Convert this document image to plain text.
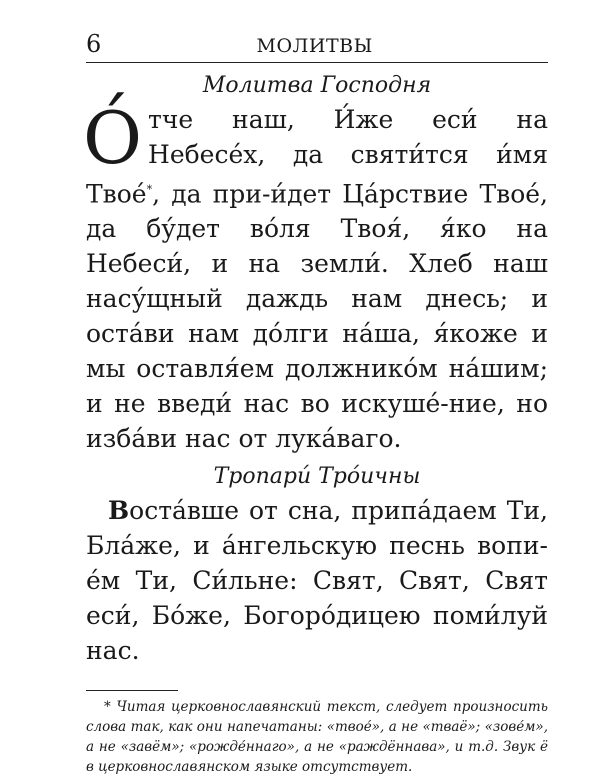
6	МОЛИТВЫ
Молитва Господня

О́тче наш, И́же еси́ на Небесе́х, да святи́тся и́мя Твое́*, да при-и́дет Ца́рствие Твое́, да бу́дет во́ля Твоя́, я́ко на Небеси́, и на земли́. Хлеб наш насу́щный даждь нам днесь; и оста́ви нам до́лги на́ша, я́коже и мы оставля́ем должнико́м на́шим; и не введи́ нас во искуше́-ние, но изба́ви нас от лука́ваго.

Тропари́ Тро́ичны

Воста́вше от сна, припа́даем Ти, Бла́же, и а́нгельскую песнь вопи-е́м Ти, Си́льне: Свят, Свят, Свят еси́, Бо́же, Богоро́дицею поми́луй нас.

* Читая церковнославянский текст, следует произносить слова так, как они напечатаны: «твое́», а не «тваё»; «зове́м», а не «завём»; «рожде́ннаго», а не «раждённава», и т.д. Звук ё в церковнославянском языке отсутствует.
